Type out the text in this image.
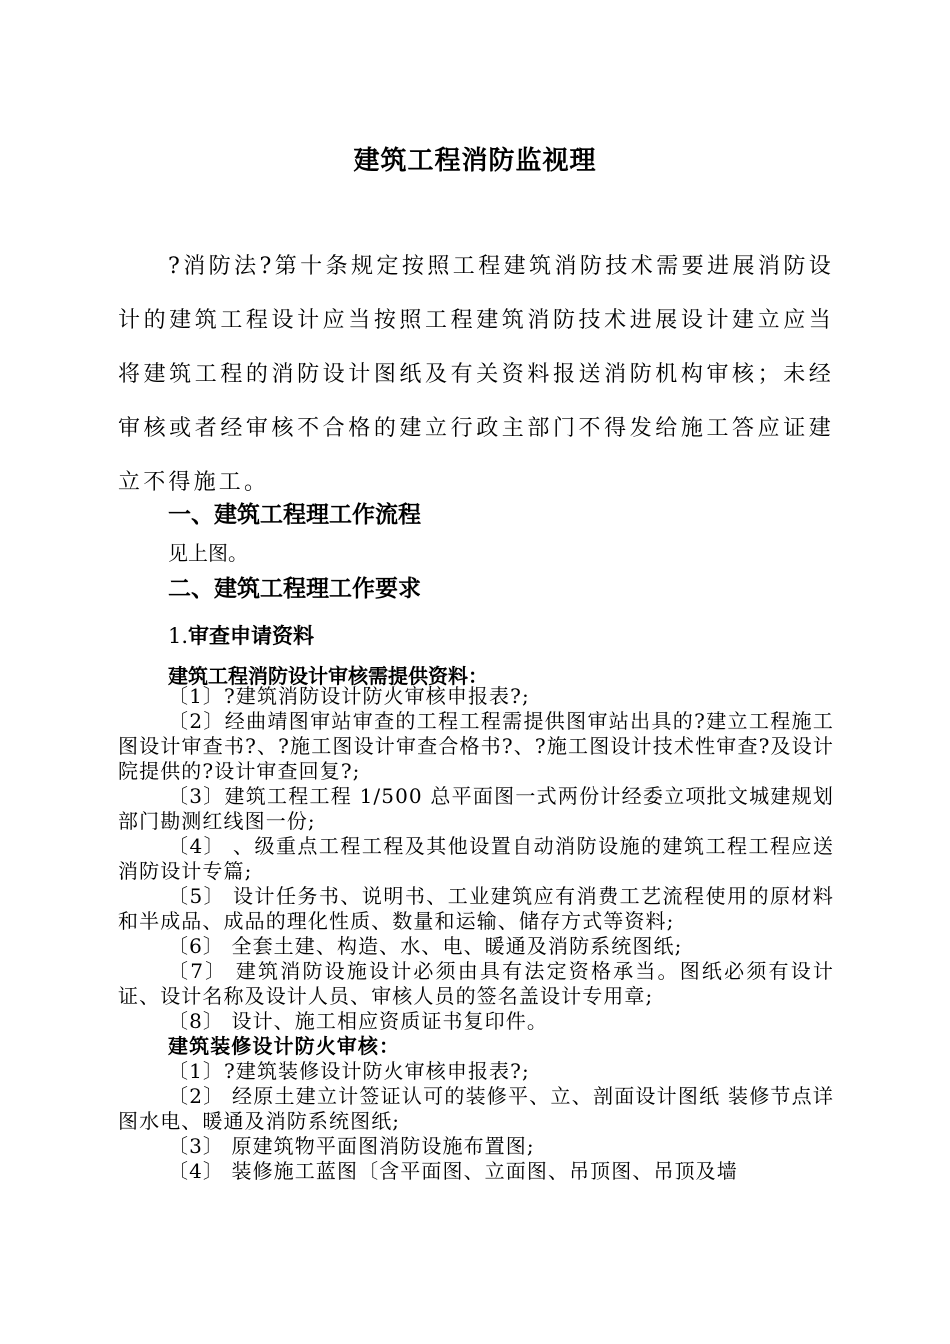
建筑工程消防监视理

?消防法?第十条规定按照工程建筑消防技术需要进展消防设计的建筑工程设计应当按照工程建筑消防技术进展设计建立应当将建筑工程的消防设计图纸及有关资料报送消防机构审核；未经审核或者经审核不合格的建立行政主部门不得发给施工答应证建立不得施工。

一、建筑工程理工作流程
见上图。
二、建筑工程理工作要求
1.审查申请资料
建筑工程消防设计审核需提供资料：

〔1〕?建筑消防设计防火审核申报表?;

〔2〕经曲靖图审站审查的工程工程需提供图审站出具的?建立工程施工图设计审查书?、?施工图设计审查合格书?、?施工图设计技术性审查?及设计院提供的?设计审查回复?;

〔3〕建筑工程工程 1/500 总平面图一式两份计经委立项批文城建规划部门勘测红线图一份;

〔4〕 、级重点工程工程及其他设置自动消防设施的建筑工程工程应送消防设计专篇;

〔5〕 设计任务书、说明书、工业建筑应有消费工艺流程使用的原材料和半成品、成品的理化性质、数量和运输、储存方式等资料;

〔6〕 全套土建、构造、水、电、暖通及消防系统图纸;

〔7〕 建筑消防设施设计必须由具有法定资格承当。图纸必须有设计证、设计名称及设计人员、审核人员的签名盖设计专用章;

〔8〕 设计、施工相应资质证书复印件。

建筑装修设计防火审核：

〔1〕?建筑装修设计防火审核申报表?;

〔2〕 经原土建立计签证认可的装修平、立、剖面设计图纸 装修节点详图水电、暖通及消防系统图纸;

〔3〕 原建筑物平面图消防设施布置图;

〔4〕 装修施工蓝图〔含平面图、立面图、吊顶图、吊顶及墙
